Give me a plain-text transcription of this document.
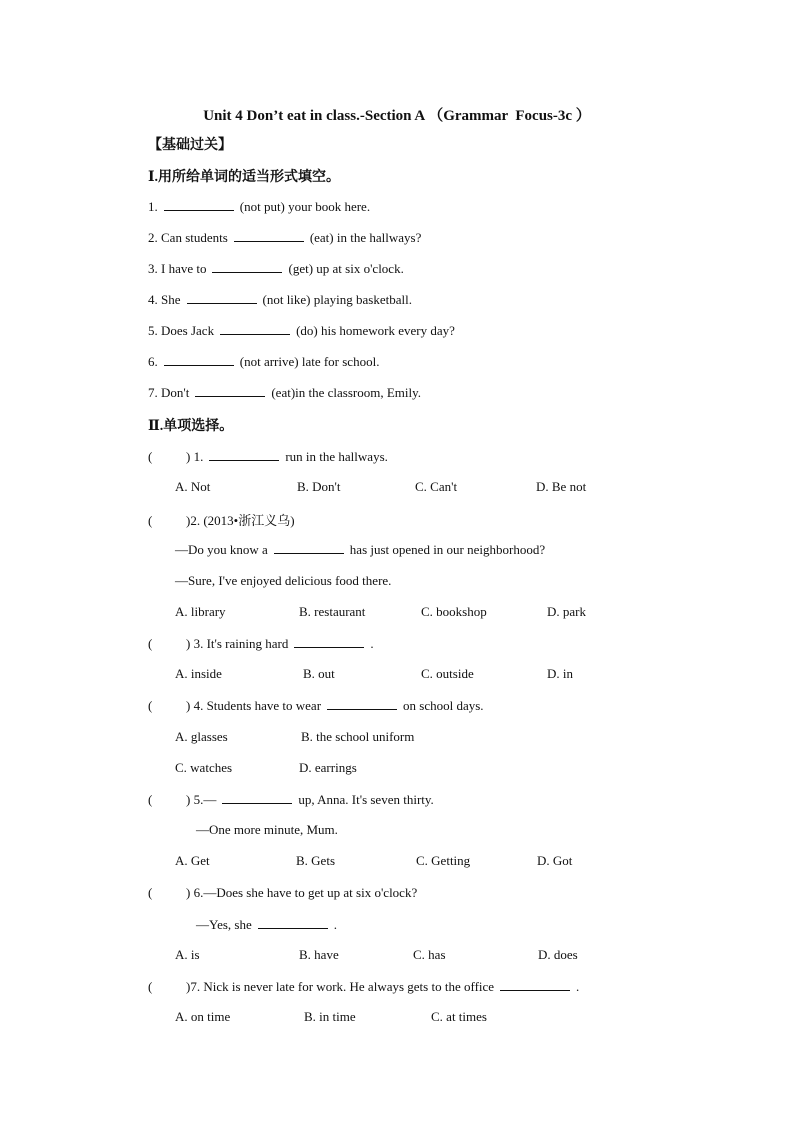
Unit 4 Don’t eat in class.-Section A （Grammar  Focus-3c ）
【基础过关】
Ⅰ.用所给单词的适当形式填空。
1.	(not put) your book here.
2. Can students	(eat) in the hallways?
3. I have to	(get) up at six o'clock.
4. She	(not like) playing basketball.
5. Does Jack	(do) his homework every day?
6.	(not arrive) late for school.
7. Don't	(eat)in the classroom, Emily.
Ⅱ.单项选择。
(	) 1.	run in the hallways.
A. Not	B. Don't	C. Can't	D. Be not
(	)2. (2013•浙江义乌)
—Do you know a	has just opened in our neighborhood?
—Sure, I've enjoyed delicious food there.
A. library	B. restaurant	C. bookshop	D. park
(	) 3. It's raining hard	.
A. inside	B. out	C. outside	D. in
(	) 4. Students have to wear	on school days.
A. glasses	B. the school uniform
C. watches	D. earrings
(	) 5.—	up, Anna. It's seven thirty.
—One more minute, Mum.
A. Get	B. Gets	C. Getting	D. Got
(	) 6.—Does she have to get up at six o'clock?
—Yes, she	.
A. is	B. have	C. has	D. does
(	)7. Nick is never late for work. He always gets to the office	.
A. on time	B. in time	C. at times
